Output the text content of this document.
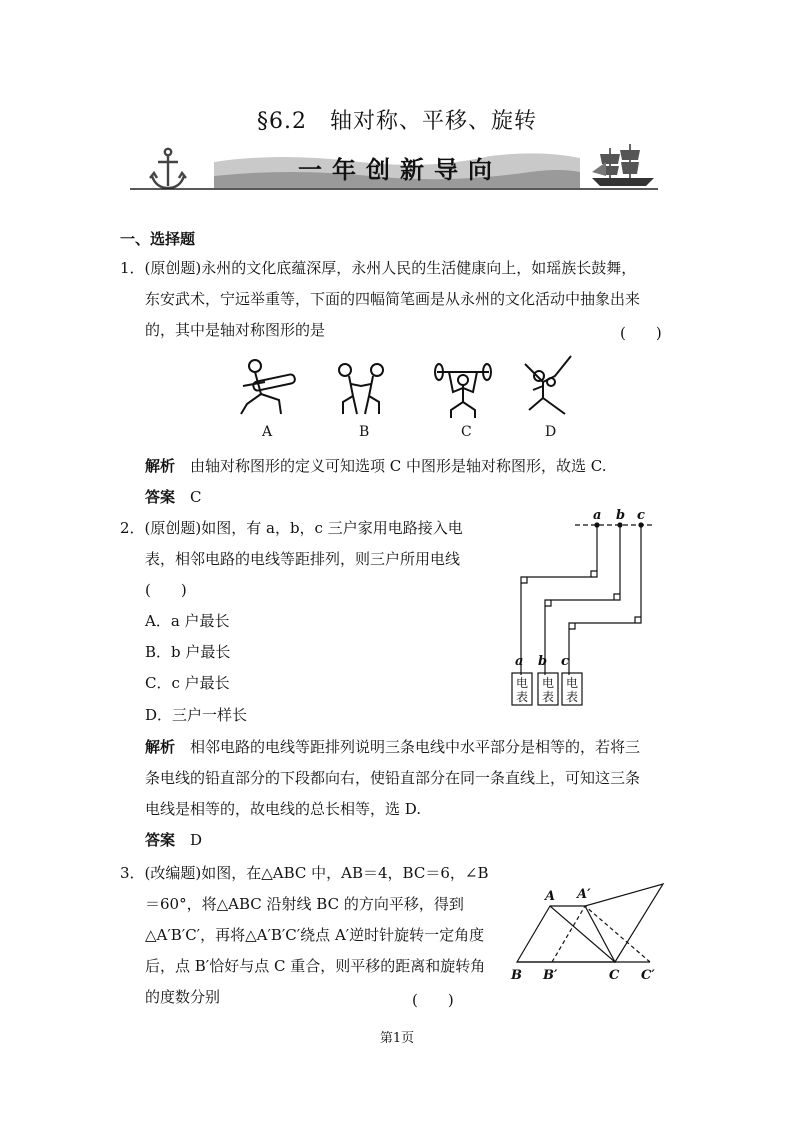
§6.2　轴对称、平移、旋转
一年创新导向
一、选择题
1．(原创题)永州的文化底蕴深厚，永州人民的生活健康向上，如瑶族长鼓舞，
东安武术，宁远举重等，下面的四幅简笔画是从永州的文化活动中抽象出来
的，其中是轴对称图形的是	(　　)
A	B	C	D
解析 由轴对称图形的定义可知选项 C 中图形是轴对称图形，故选 C.
答案 C
2．(原创题)如图，有 a，b，c 三户家用电路接入电
表，相邻电路的电线等距排列，则三户所用电线
(　　)
A．a 户最长
B．b 户最长
C．c 户最长
D．三户一样长
a b c
a b c
电
表
电
表
电
表
解析 相邻电路的电线等距排列说明三条电线中水平部分是相等的，若将三
条电线的铅直部分的下段都向右，使铅直部分在同一条直线上，可知这三条
电线是相等的，故电线的总长相等，选 D.
答案 D
3．(改编题)如图，在△ABC 中，AB＝4，BC＝6，∠B
＝60°，将△ABC 沿射线 BC 的方向平移，得到
△A′B′C′，再将△A′B′C′绕点 A′逆时针旋转一定角度
后，点 B′恰好与点 C 重合，则平移的距离和旋转角
的度数分别	(　　)
A A′
B B′	C C′
第1页
